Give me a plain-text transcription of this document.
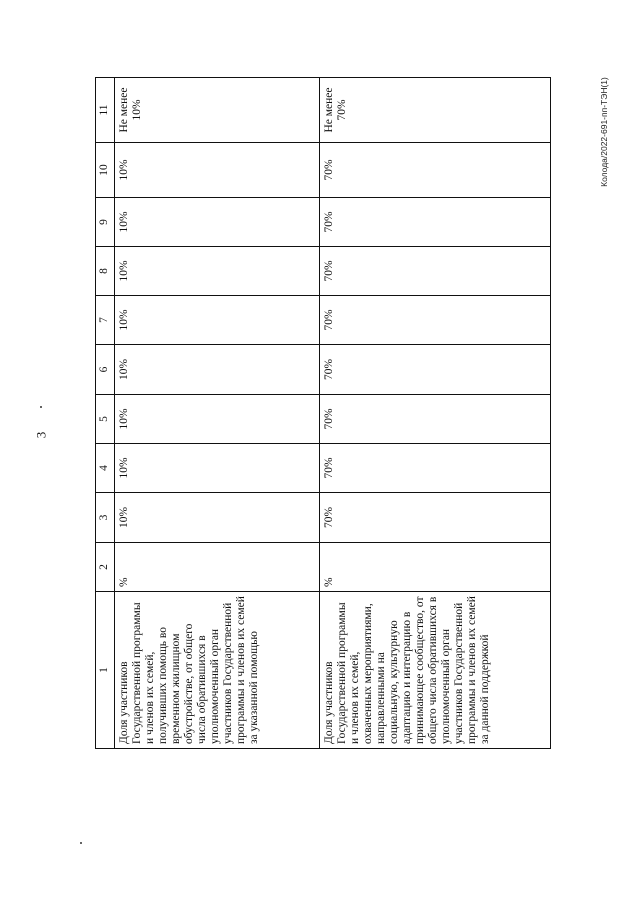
3
Колода/2022-691-пп-ТЭН(1)
1	2	3	4	5	6	7	8	9	10	11
Доля участников Государственной программы и членов их семей, получивших помощь во временном жилищном обустройстве, от общего числа обратившихся в уполномоченный орган участников Государственной программы и членов их семей за указанной помощью	%	10%	10%	10%	10%	10%	10%	10%	10%	Не менее 10%
Доля участников Государственной программы и членов их семей, охваченных мероприятиями, направленными на социальную, культурную адаптацию и интеграцию в принимающее сообщество, от общего числа обратившихся в уполномоченный орган участников Государственной программы и членов их семей за данной поддержкой	%	70%	70%	70%	70%	70%	70%	70%	70%	Не менее 70%
